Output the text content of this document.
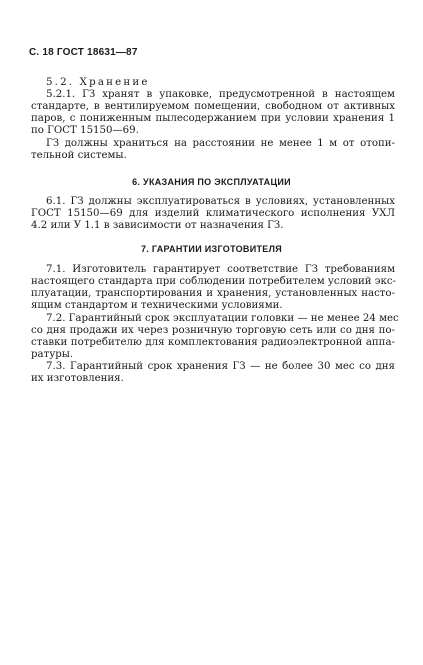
С. 18 ГОСТ 18631—87
5.2. Хранение
5.2.1. ГЗ хранят в упаковке, предусмотренной в настоящем
стандарте, в вентилируемом помещении, свободном от активных
паров, с пониженным пылесодержанием при условии хранения 1
по ГОСТ 15150—69.
ГЗ должны храниться на расстоянии не менее 1 м от отопи-
тельной системы.
6. УКАЗАНИЯ ПО ЭКСПЛУАТАЦИИ
6.1. ГЗ должны эксплуатироваться в условиях, установленных
ГОСТ 15150—69 для изделий климатического исполнения УХЛ
4.2 или У 1.1 в зависимости от назначения ГЗ.
7. ГАРАНТИИ ИЗГОТОВИТЕЛЯ
7.1. Изготовитель гарантирует соответствие ГЗ требованиям
настоящего стандарта при соблюдении потребителем условий экс-
плуатации, транспортирования и хранения, установленных насто-
ящим стандартом и техническими условиями.
7.2. Гарантийный срок эксплуатации головки — не менее 24 мес
со дня продажи их через розничную торговую сеть или со дня по-
ставки потребителю для комплектования радиоэлектронной аппа-
ратуры.
7.3. Гарантийный срок хранения ГЗ — не более 30 мес со дня
их изготовления.
